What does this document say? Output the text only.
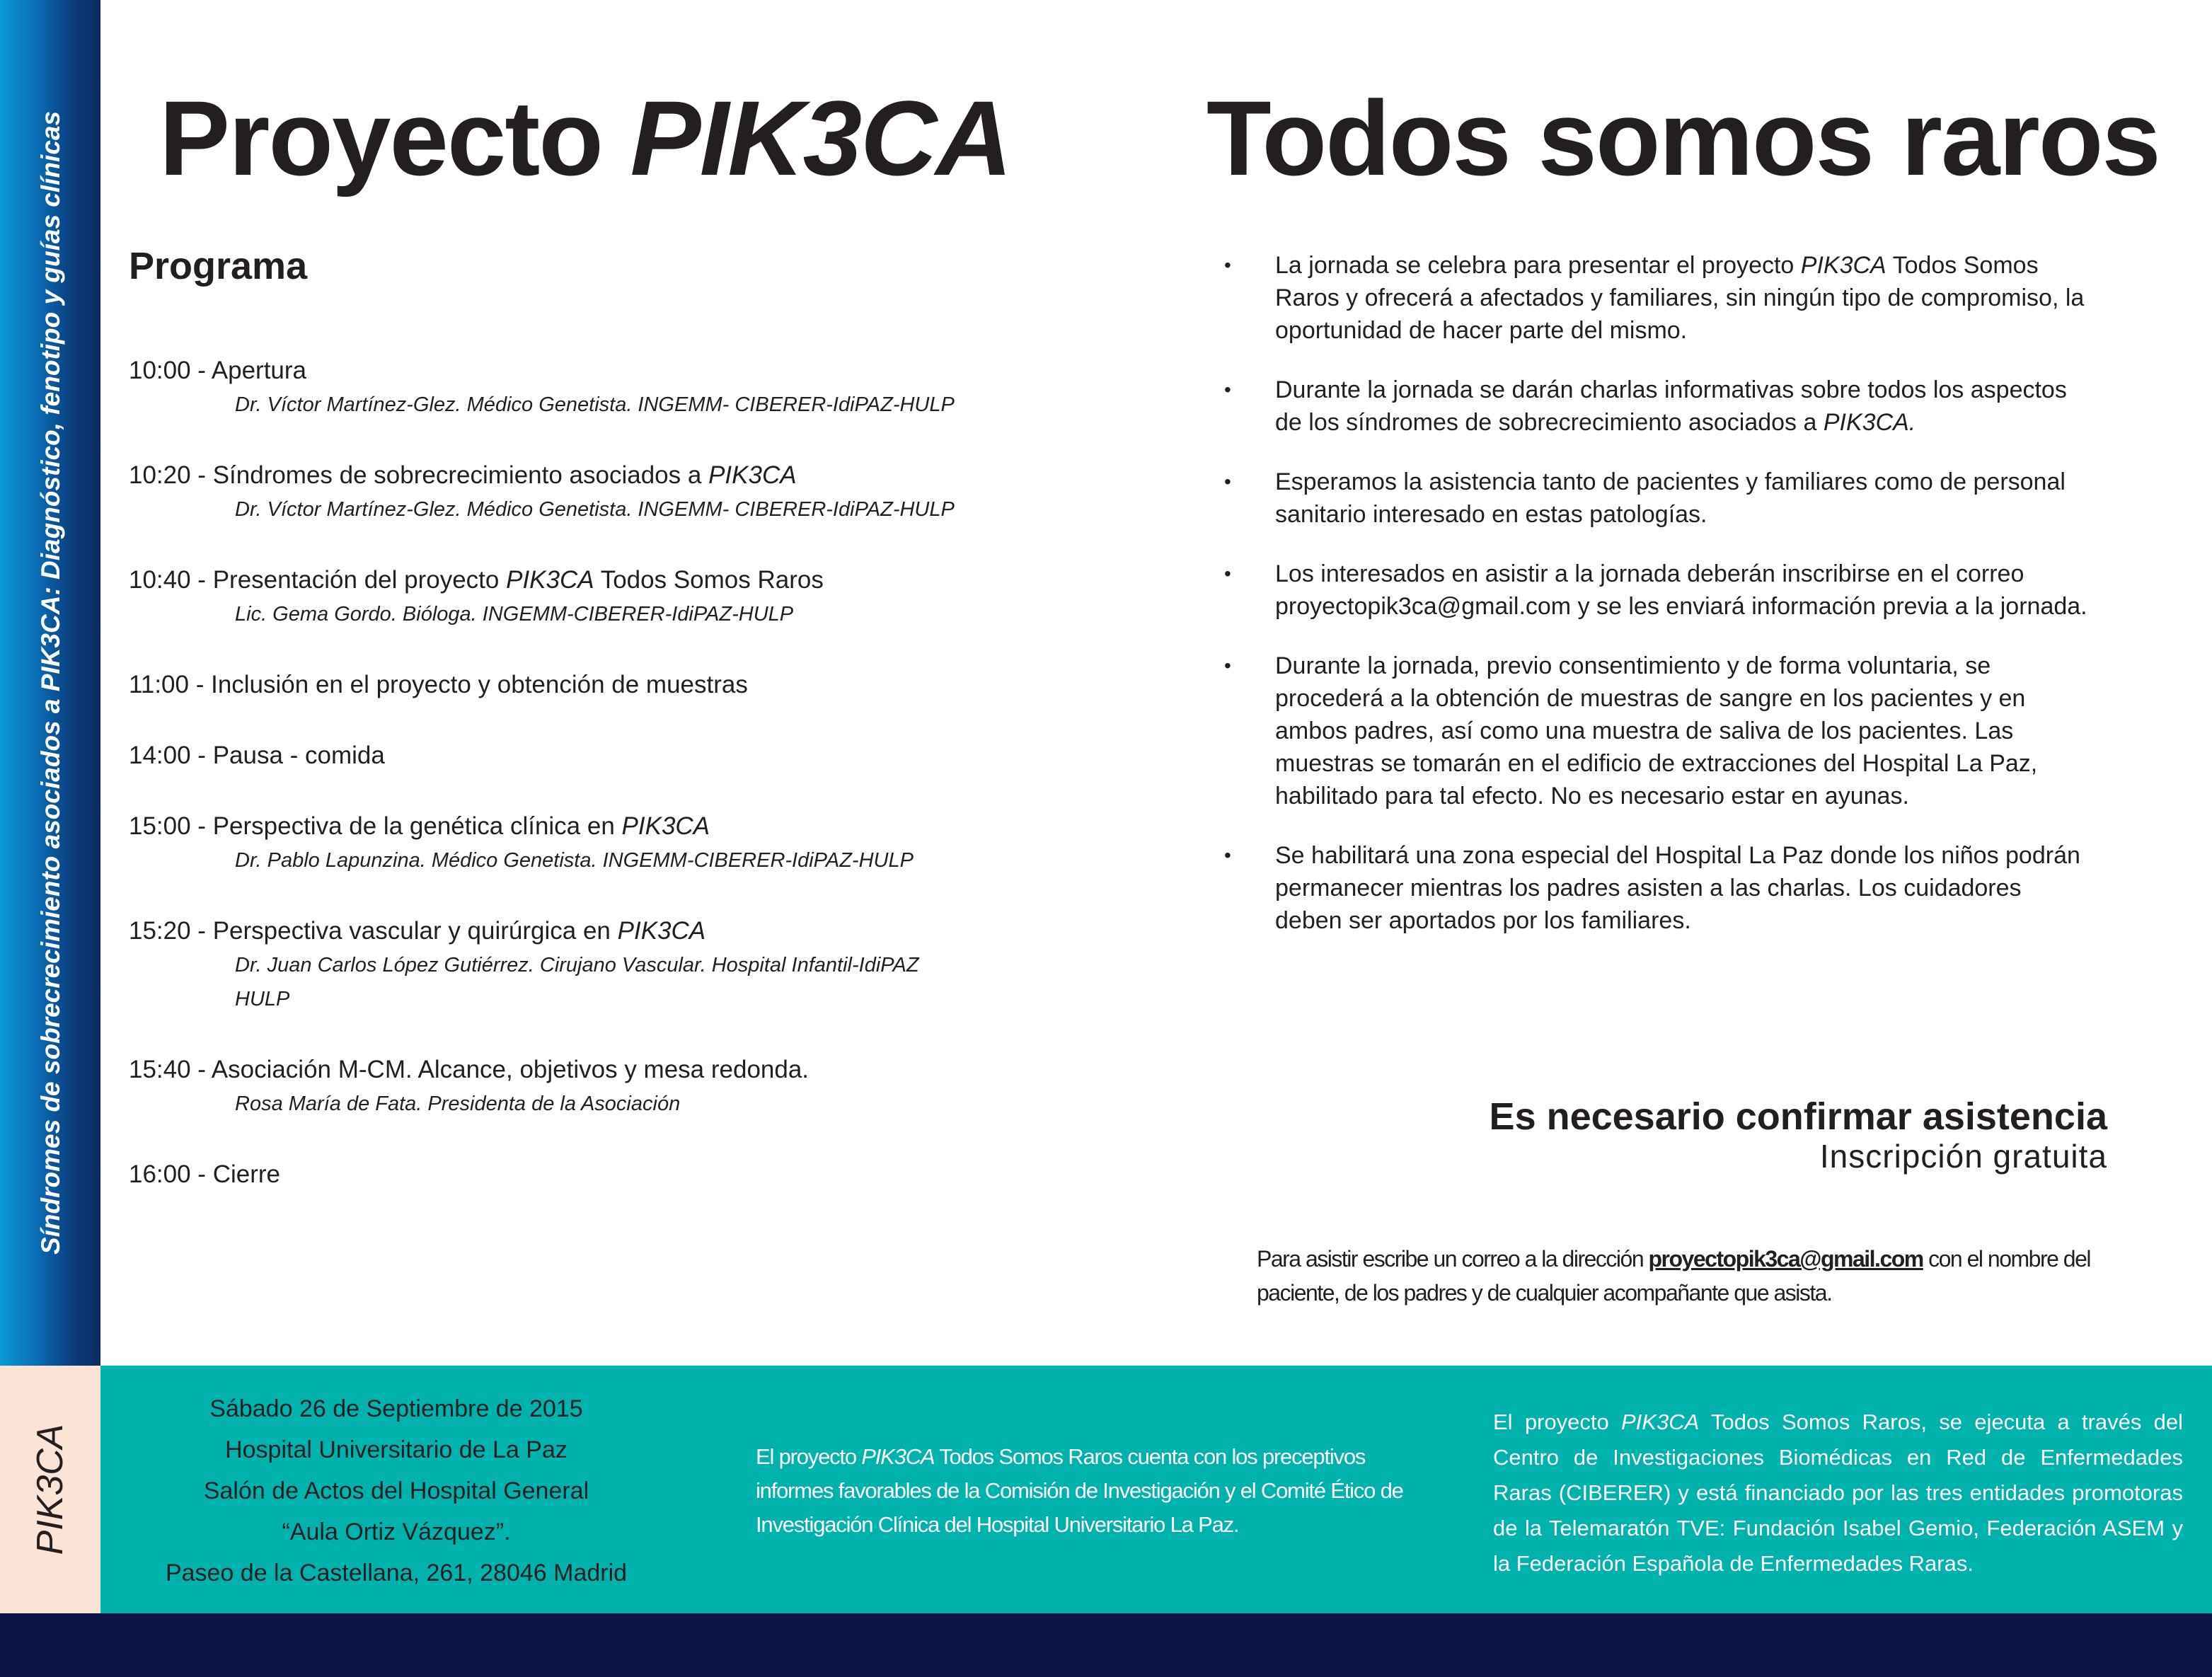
Síndromes de sobrecrecimiento asociados a PIK3CA: Diagnóstico, fenotipo y guías clínicas
PIK3CA
Proyecto PIK3CA Todos somos raros
Programa
10:00 - Apertura
Dr. Víctor Martínez-Glez. Médico Genetista. INGEMM- CIBERER-IdiPAZ-HULP
10:20 - Síndromes de sobrecrecimiento asociados a PIK3CA
Dr. Víctor Martínez-Glez. Médico Genetista. INGEMM- CIBERER-IdiPAZ-HULP
10:40 - Presentación del proyecto PIK3CA Todos Somos Raros
Lic. Gema Gordo. Bióloga. INGEMM-CIBERER-IdiPAZ-HULP
11:00 - Inclusión en el proyecto y obtención de muestras
14:00 - Pausa - comida
15:00 - Perspectiva de la genética clínica en PIK3CA
Dr. Pablo Lapunzina. Médico Genetista. INGEMM-CIBERER-IdiPAZ-HULP
15:20 - Perspectiva vascular y quirúrgica en PIK3CA
Dr. Juan Carlos López Gutiérrez. Cirujano Vascular. Hospital Infantil-IdiPAZ HULP
15:40 - Asociación M-CM. Alcance, objetivos y mesa redonda.
Rosa María de Fata. Presidenta de la Asociación
16:00 - Cierre
• La jornada se celebra para presentar el proyecto PIK3CA Todos Somos Raros y ofrecerá a afectados y familiares, sin ningún tipo de compromiso, la oportunidad de hacer parte del mismo.
• Durante la jornada se darán charlas informativas sobre todos los aspectos de los síndromes de sobrecrecimiento asociados a PIK3CA.
• Esperamos la asistencia tanto de pacientes y familiares como de personal sanitario interesado en estas patologías.
• Los interesados en asistir a la jornada deberán inscribirse en el correo proyectopik3ca@gmail.com y se les enviará información previa a la jornada.
• Durante la jornada, previo consentimiento y de forma voluntaria, se procederá a la obtención de muestras de sangre en los pacientes y en ambos padres, así como una muestra de saliva de los pacientes. Las muestras se tomarán en el edificio de extracciones del Hospital La Paz, habilitado para tal efecto. No es necesario estar en ayunas.
• Se habilitará una zona especial del Hospital La Paz donde los niños podrán permanecer mientras los padres asisten a las charlas. Los cuidadores deben ser aportados por los familiares.
Es necesario confirmar asistencia
Inscripción gratuita
Para asistir escribe un correo a la dirección proyectopik3ca@gmail.com con el nombre del paciente, de los padres y de cualquier acompañante que asista.
Sábado 26 de Septiembre de 2015
Hospital Universitario de La Paz
Salón de Actos del Hospital General
“Aula Ortiz Vázquez”.
Paseo de la Castellana, 261, 28046 Madrid
El proyecto PIK3CA Todos Somos Raros cuenta con los preceptivos informes favorables de la Comisión de Investigación y el Comité Ético de Investigación Clínica del Hospital Universitario La Paz.
El proyecto PIK3CA Todos Somos Raros, se ejecuta a través del Centro de Investigaciones Biomédicas en Red de Enfermedades Raras (CIBERER) y está financiado por las tres entidades promotoras de la Telemaratón TVE: Fundación Isabel Gemio, Federación ASEM y la Federación Española de Enfermedades Raras.
